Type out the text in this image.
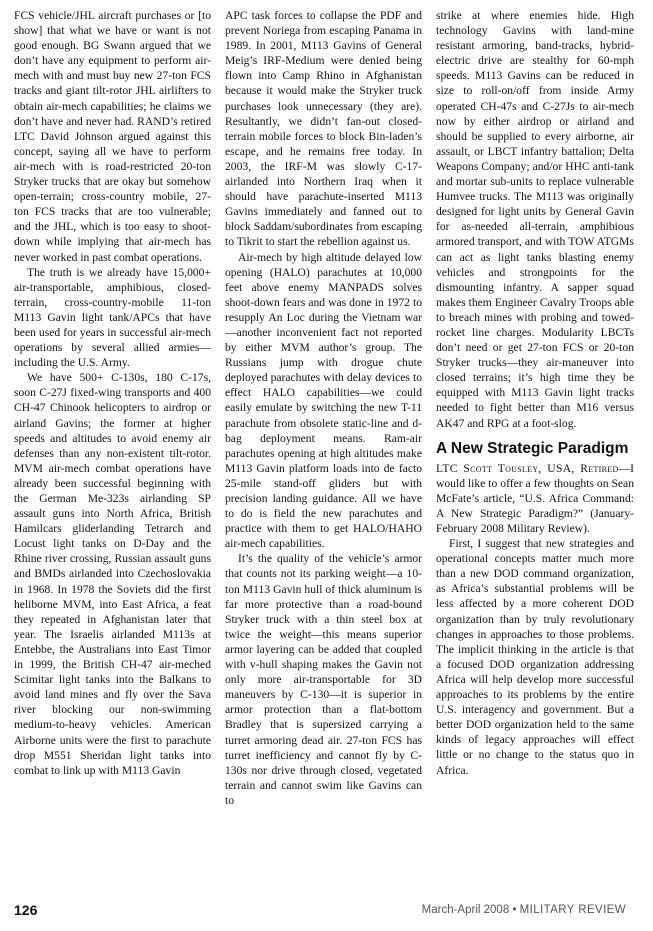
FCS vehicle/JHL aircraft purchases or [to show] that what we have or want is not good enough. BG Swann argued that we don’t have any equipment to perform air-mech with and must buy new 27-ton FCS tracks and giant tilt-rotor JHL airlifters to obtain air-mech capabilities; he claims we don’t have and never had. RAND’s retired LTC David Johnson argued against this concept, saying all we have to perform air-mech with is road-restricted 20-ton Stryker trucks that are okay but somehow open-terrain; cross-country mobile, 27-ton FCS tracks that are too vulnerable; and the JHL, which is too easy to shoot-down while implying that air-mech has never worked in past combat operations.

The truth is we already have 15,000+ air-transportable, amphibious, closed-terrain, cross-country-mobile 11-ton M113 Gavin light tank/APCs that have been used for years in successful air-mech operations by several allied armies—including the U.S. Army.

We have 500+ C-130s, 180 C-17s, soon C-27J fixed-wing transports and 400 CH-47 Chinook helicopters to airdrop or airland Gavins; the former at higher speeds and altitudes to avoid enemy air defenses than any non-existent tilt-rotor. MVM air-mech combat operations have already been successful beginning with the German Me-323s airlanding SP assault guns into North Africa, British Hamilcars gliderlanding Tetrarch and Locust light tanks on D-Day and the Rhine river crossing, Russian assault guns and BMDs airlanded into Czechoslovakia in 1968. In 1978 the Soviets did the first heliborne MVM, into East Africa, a feat they repeated in Afghanistan later that year. The Israelis airlanded M113s at Entebbe, the Australians into East Timor in 1999, the British CH-47 air-meched Scimitar light tanks into the Balkans to avoid land mines and fly over the Sava river blocking our non-swimming medium-to-heavy vehicles. American Airborne units were the first to parachute drop M551 Sheridan light tanks into combat to link up with M113 Gavin

APC task forces to collapse the PDF and prevent Noriega from escaping Panama in 1989. In 2001, M113 Gavins of General Meig’s IRF-Medium were denied being flown into Camp Rhino in Afghanistan because it would make the Stryker truck purchases look unnecessary (they are). Resultantly, we didn’t fan-out closed-terrain mobile forces to block Bin-laden’s escape, and he remains free today. In 2003, the IRF-M was slowly C-17-airlanded into Northern Iraq when it should have parachute-inserted M113 Gavins immediately and fanned out to block Saddam/subordinates from escaping to Tikrit to start the rebellion against us.

Air-mech by high altitude delayed low opening (HALO) parachutes at 10,000 feet above enemy MANPADS solves shoot-down fears and was done in 1972 to resupply An Loc during the Vietnam war—another inconvenient fact not reported by either MVM author’s group. The Russians jump with drogue chute deployed parachutes with delay devices to effect HALO capabilities—we could easily emulate by switching the new T-11 parachute from obsolete static-line and d-bag deployment means. Ram-air parachutes opening at high altitudes make M113 Gavin platform loads into de facto 25-mile stand-off gliders but with precision landing guidance. All we have to do is field the new parachutes and practice with them to get HALO/HAHO air-mech capabilities.

It’s the quality of the vehicle’s armor that counts not its parking weight—a 10-ton M113 Gavin hull of thick aluminum is far more protective than a road-bound Stryker truck with a thin steel box at twice the weight—this means superior armor layering can be added that coupled with v-hull shaping makes the Gavin not only more air-transportable for 3D maneuvers by C-130—it is superior in armor protection than a flat-bottom Bradley that is supersized carrying a turret armoring dead air. 27-ton FCS has turret inefficiency and cannot fly by C-130s nor drive through closed, vegetated terrain and cannot swim like Gavins can to

strike at where enemies hide. High technology Gavins with land-mine resistant armoring, band-tracks, hybrid-electric drive are stealthy for 60-mph speeds. M113 Gavins can be reduced in size to roll-on/off from inside Army operated CH-47s and C-27Js to air-mech now by either airdrop or airland and should be supplied to every airborne, air assault, or LBCT infantry battalion; Delta Weapons Company; and/or HHC anti-tank and mortar sub-units to replace vulnerable Humvee trucks. The M113 was originally designed for light units by General Gavin for as-needed all-terrain, amphibious armored transport, and with TOW ATGMs can act as light tanks blasting enemy vehicles and strongpoints for the dismounting infantry. A sapper squad makes them Engineer Cavalry Troops able to breach mines with probing and towed-rocket line charges. Modularity LBCTs don’t need or get 27-ton FCS or 20-ton Stryker trucks—they air-maneuver into closed terrains; it’s high time they be equipped with M113 Gavin light tracks needed to fight better than M16 versus AK47 and RPG at a foot-slog.

A New Strategic Paradigm

LTC Scott Tousley, USA, Retired—I would like to offer a few thoughts on Sean McFate’s article, “U.S. Africa Command: A New Strategic Paradigm?” (January-February 2008 Military Review).

First, I suggest that new strategies and operational concepts matter much more than a new DOD command organization, as Africa’s substantial problems will be less affected by a more coherent DOD organization than by truly revolutionary changes in approaches to those problems. The implicit thinking in the article is that a focused DOD organization addressing Africa will help develop more successful approaches to its problems by the entire U.S. interagency and government. But a better DOD organization held to the same kinds of legacy approaches will effect little or no change to the status quo in Africa.

126	March-April 2008 • MILITARY REVIEW
